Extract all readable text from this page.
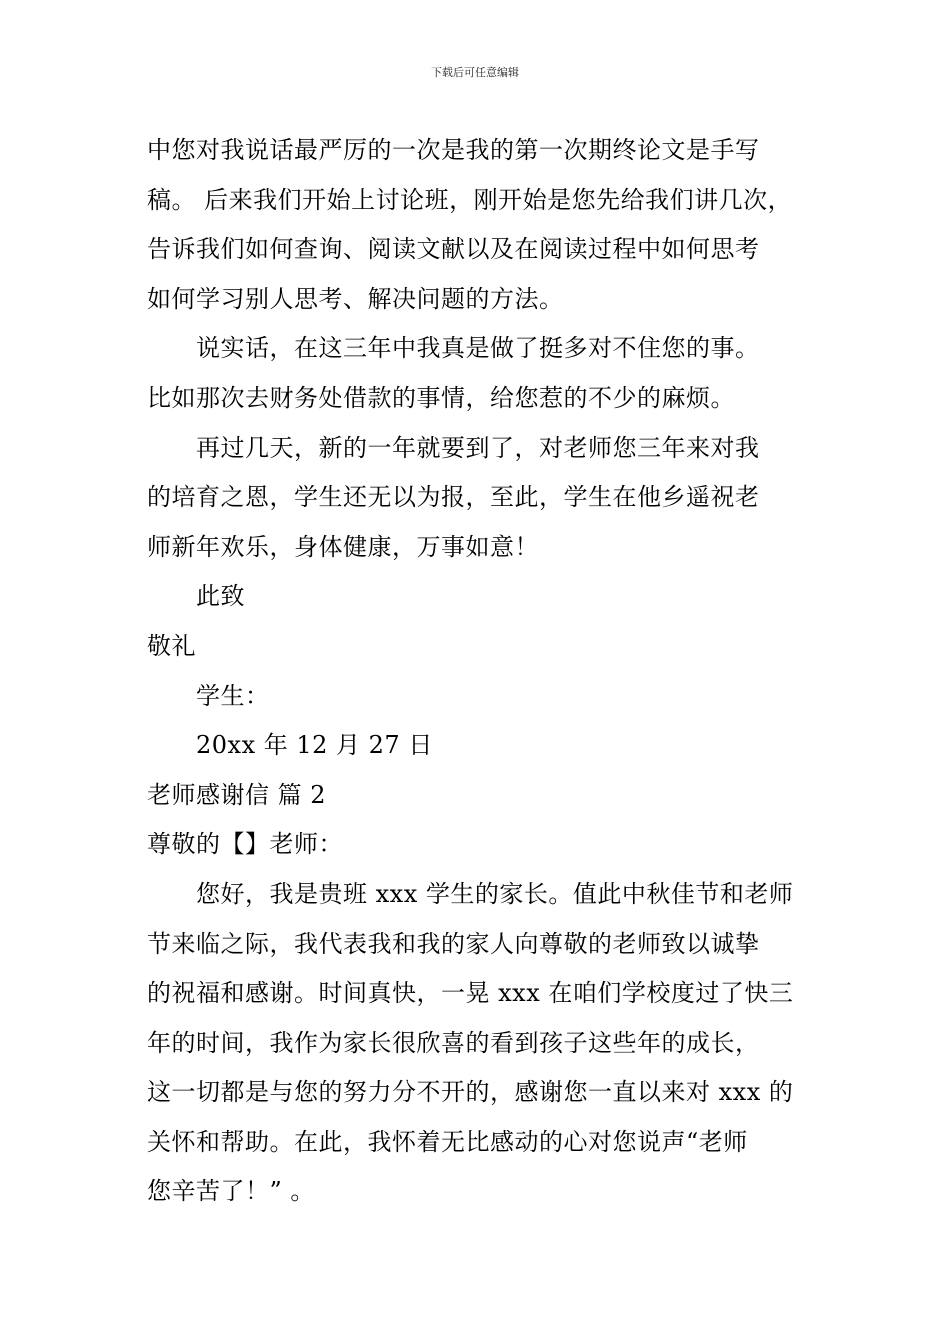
下载后可任意编辑
中您对我说话最严厉的一次是我的第一次期终论文是手写
稿。 后来我们开始上讨论班，刚开始是您先给我们讲几次，
告诉我们如何查询、阅读文献以及在阅读过程中如何思考
如何学习别人思考、解决问题的方法。
说实话，在这三年中我真是做了挺多对不住您的事。
比如那次去财务处借款的事情，给您惹的不少的麻烦。
再过几天，新的一年就要到了，对老师您三年来对我
的培育之恩，学生还无以为报，至此，学生在他乡遥祝老
师新年欢乐，身体健康，万事如意！
此致
敬礼
学生：
20xx 年 12 月 27 日
老师感谢信 篇 2
尊敬的【】老师：
您好，我是贵班 xxx 学生的家长。值此中秋佳节和老师
节来临之际，我代表我和我的家人向尊敬的老师致以诚挚
的祝福和感谢。时间真快，一晃 xxx 在咱们学校度过了快三
年的时间，我作为家长很欣喜的看到孩子这些年的成长，
这一切都是与您的努力分不开的，感谢您一直以来对 xxx 的
关怀和帮助。在此，我怀着无比感动的心对您说声“老师
您辛苦了！” 。
